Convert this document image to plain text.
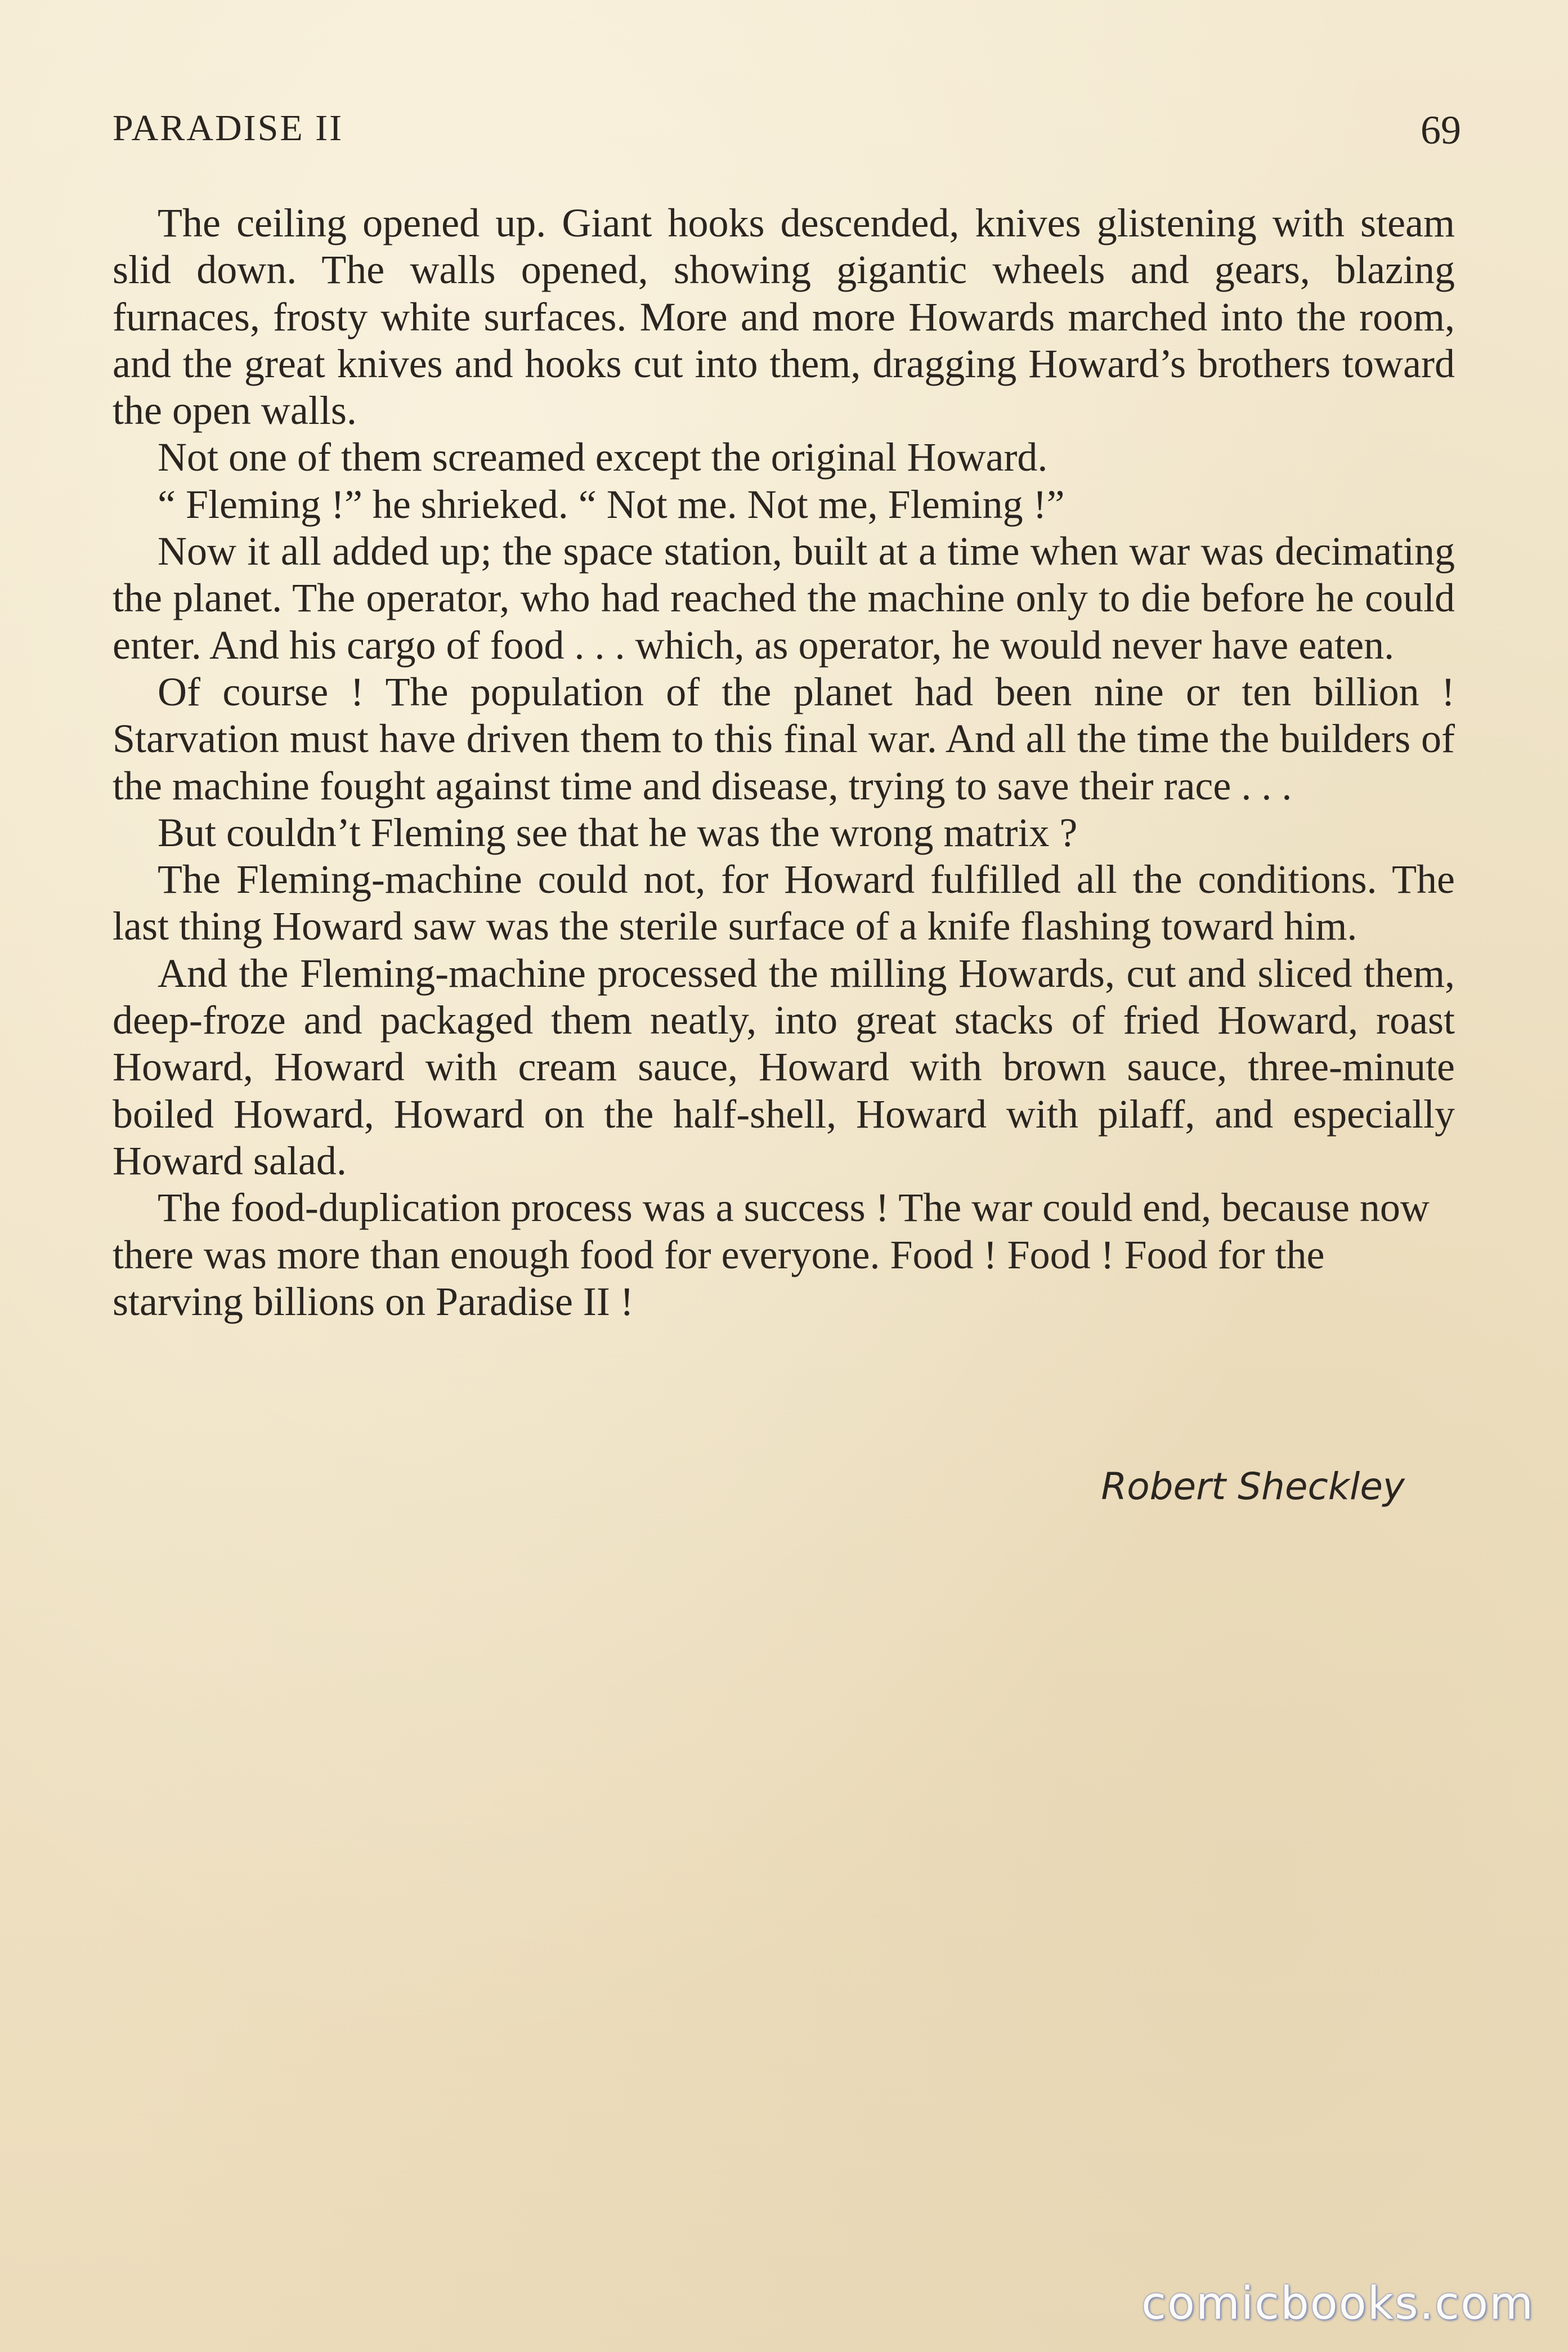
PARADISE II	69

The ceiling opened up. Giant hooks descended, knives glistening with steam slid down. The walls opened, showing gigantic wheels and gears, blazing furnaces, frosty white surfaces. More and more Howards marched into the room, and the great knives and hooks cut into them, dragging Howard’s brothers toward the open walls.

Not one of them screamed except the original Howard.

“ Fleming !” he shrieked. “ Not me. Not me, Fleming !”

Now it all added up; the space station, built at a time when war was decimating the planet. The operator, who had reached the machine only to die before he could enter. And his cargo of food . . . which, as operator, he would never have eaten.

Of course ! The population of the planet had been nine or ten billion ! Starvation must have driven them to this final war. And all the time the builders of the machine fought against time and disease, trying to save their race . . .

But couldn’t Fleming see that he was the wrong matrix ?

The Fleming-machine could not, for Howard fulfilled all the conditions. The last thing Howard saw was the sterile surface of a knife flashing toward him.

And the Fleming-machine processed the milling Howards, cut and sliced them, deep-froze and packaged them neatly, into great stacks of fried Howard, roast Howard, Howard with cream sauce, Howard with brown sauce, three-minute boiled Howard, Howard on the half-shell, Howard with pilaff, and especially Howard salad.

The food-duplication process was a success ! The war could end, because now there was more than enough food for everyone. Food ! Food ! Food for the starving billions on Paradise II !

Robert Sheckley
comicbooks.com
